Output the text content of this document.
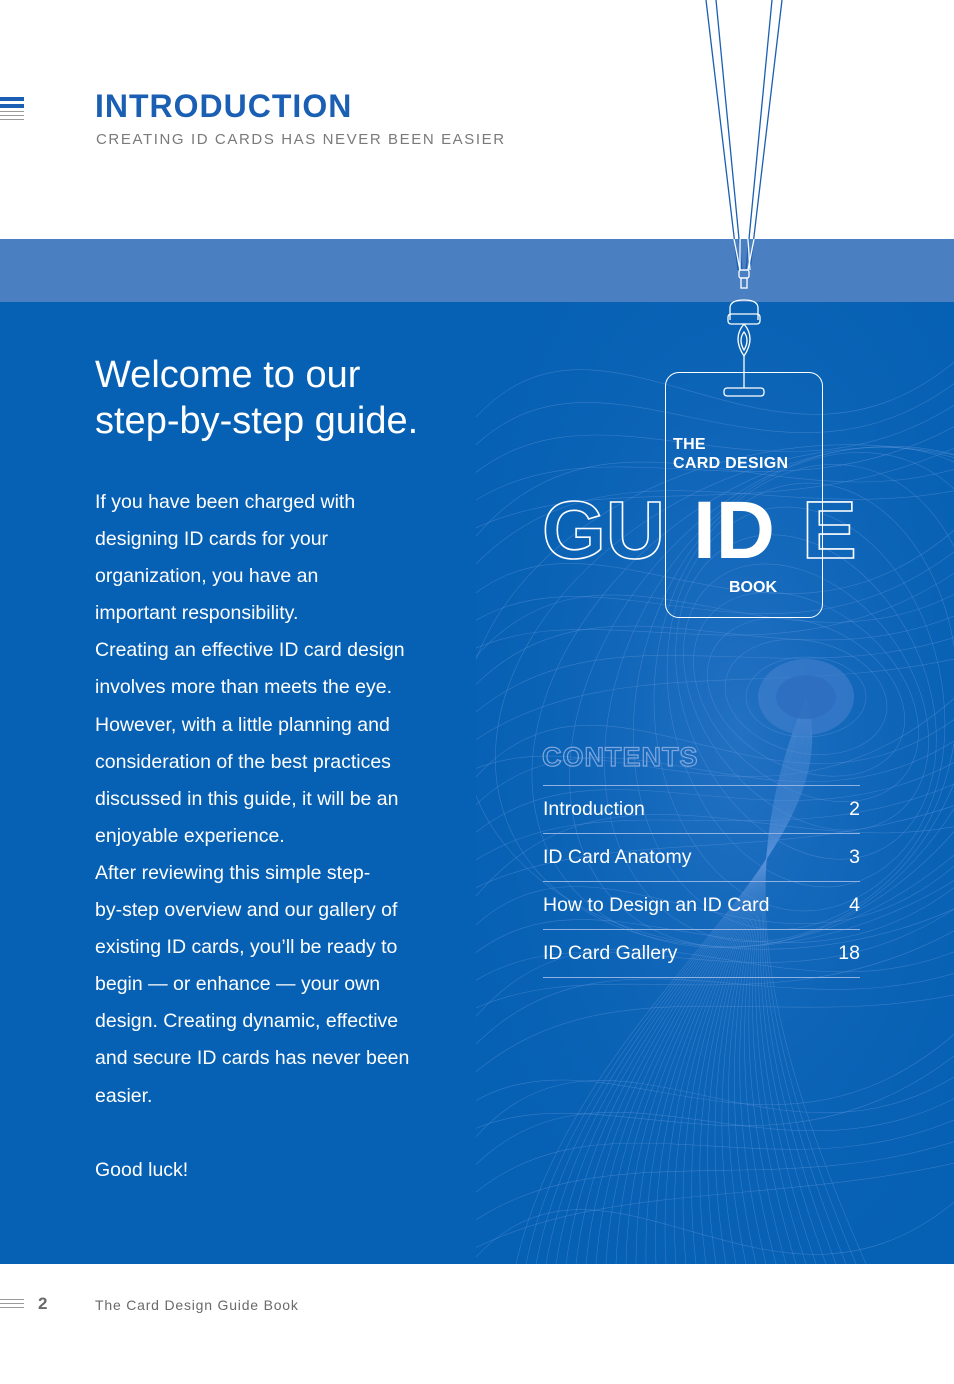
INTRODUCTION
CREATING ID CARDS HAS NEVER BEEN EASIER
Welcome to our
step-by-step guide.
If you have been charged with
designing ID cards for your
organization, you have an
important responsibility.
Creating an effective ID card design
involves more than meets the eye.
However, with a little planning and
consideration of the best practices
discussed in this guide, it will be an
enjoyable experience.
After reviewing this simple step-
by-step overview and our gallery of
existing ID cards, you’ll be ready to
begin — or enhance — your own
design. Creating dynamic, effective
and secure ID cards has never been
easier.
Good luck!
THE
CARD DESIGN
GU ID E
BOOK
CONTENTS
Introduction	2
ID Card Anatomy	3
How to Design an ID Card	4
ID Card Gallery	18
2	The Card Design Guide Book
